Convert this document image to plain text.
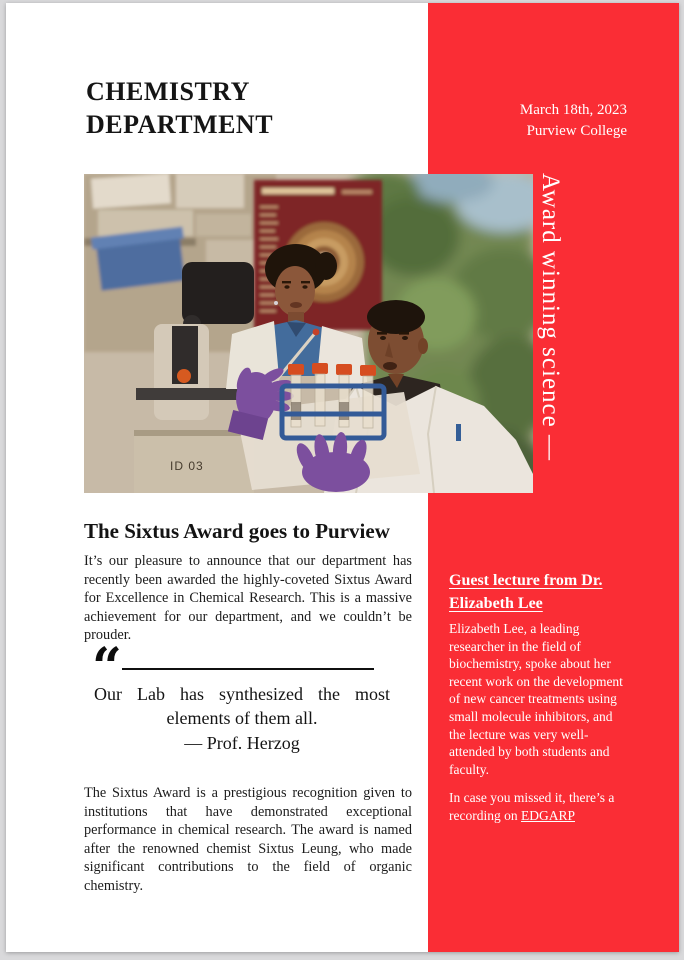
CHEMISTRY
DEPARTMENT	March 18th, 2023
Purview College
ID 03
Award winning science —
The Sixtus Award goes to Purview

It’s our pleasure to announce that our department has recently been awarded the highly-coveted Sixtus Award for Excellence in Chemical Research. This is a massive achievement for our department, and we couldn’t be prouder.

“
Our Lab has synthesized the most elements of them all.
— Prof. Herzog

The Sixtus Award is a prestigious recognition given to institutions that have demonstrated exceptional performance in chemical research. The award is named after the renowned chemist Sixtus Leung, who made significant contributions to the field of organic chemistry.

Guest lecture from Dr. Elizabeth Lee

Elizabeth Lee, a leading researcher in the field of biochemistry, spoke about her recent work on the development of new cancer treatments using small molecule inhibitors, and the lecture was very well-attended by both students and faculty.

In case you missed it, there’s a recording on EDGARP
